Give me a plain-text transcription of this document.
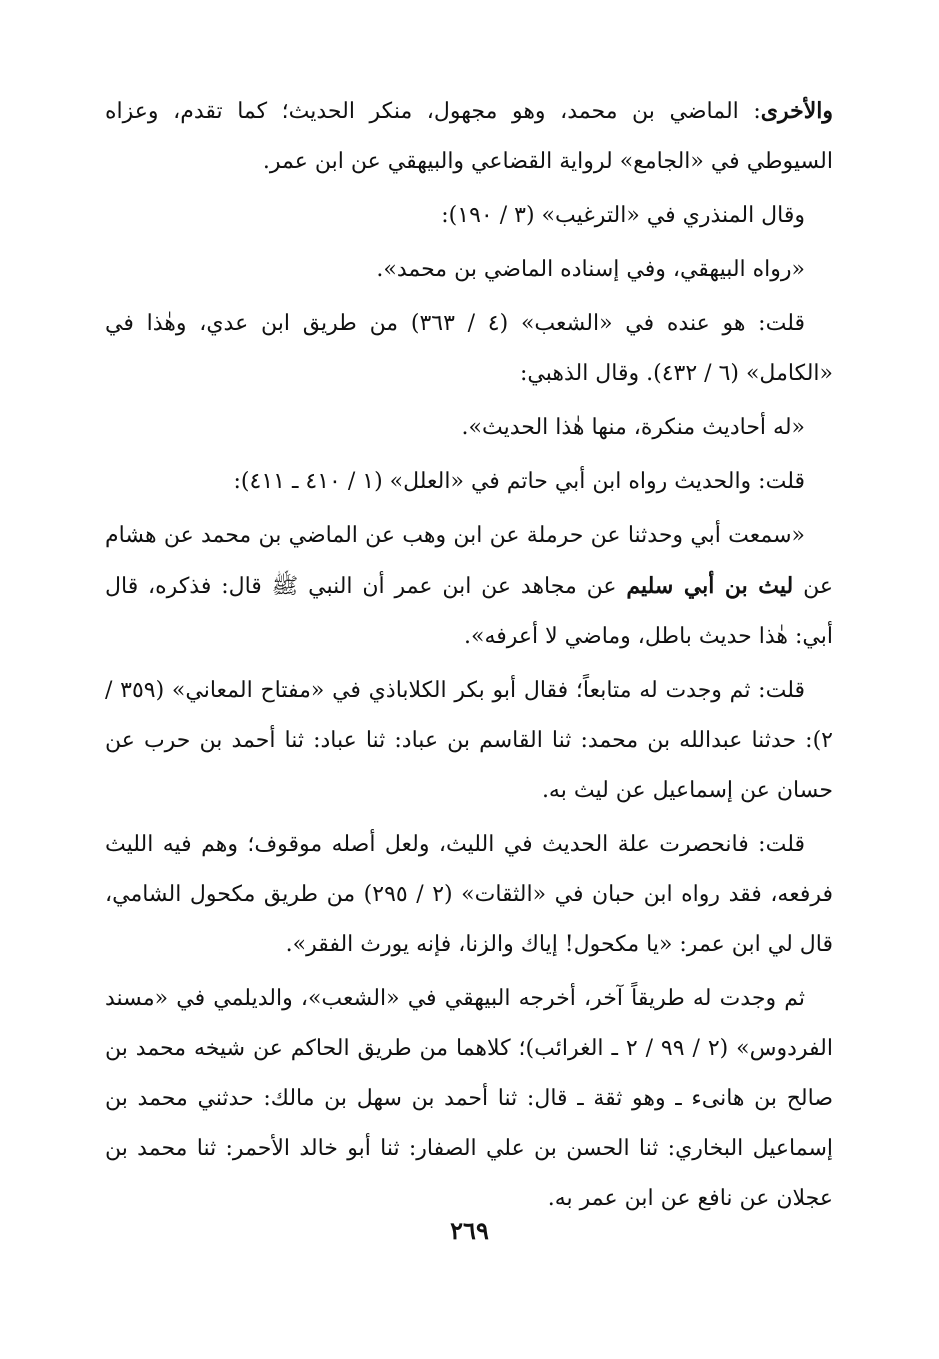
والأخرى: الماضي بن محمد، وهو مجهول، منكر الحديث؛ كما تقدم، وعزاه السيوطي في «الجامع» لرواية القضاعي والبيهقي عن ابن عمر.

وقال المنذري في «الترغيب» (٣ / ١٩٠):

«رواه البيهقي، وفي إسناده الماضي بن محمد».

قلت: هو عنده في «الشعب» (٤ / ٣٦٣) من طريق ابن عدي، وهٰذا في «الكامل» (٦ / ٤٣٢). وقال الذهبي:

«له أحاديث منكرة، منها هٰذا الحديث».

قلت: والحديث رواه ابن أبي حاتم في «العلل» (١ / ٤١٠ ـ ٤١١):

«سمعت أبي وحدثنا عن حرملة عن ابن وهب عن الماضي بن محمد عن هشام عن ليث بن أبي سليم عن مجاهد عن ابن عمر أن النبي ﷺ قال: فذكره، قال أبي: هٰذا حديث باطل، وماضي لا أعرفه».

قلت: ثم وجدت له متابعاً؛ فقال أبو بكر الكلاباذي في «مفتاح المعاني» (٣٥٩ / ٢): حدثنا عبدالله بن محمد: ثنا القاسم بن عباد: ثنا عباد: ثنا أحمد بن حرب عن حسان عن إسماعيل عن ليث به.

قلت: فانحصرت علة الحديث في الليث، ولعل أصله موقوف؛ وهم فيه الليث فرفعه، فقد رواه ابن حبان في «الثقات» (٢ / ٢٩٥) من طريق مكحول الشامي، قال لي ابن عمر: «يا مكحول! إياك والزنا، فإنه يورث الفقر».

ثم وجدت له طريقاً آخر، أخرجه البيهقي في «الشعب»، والديلمي في «مسند الفردوس» (٢ / ٩٩ / ٢ ـ الغرائب)؛ كلاهما من طريق الحاكم عن شيخه محمد بن صالح بن هانىء ـ وهو ثقة ـ قال: ثنا أحمد بن سهل بن مالك: حدثني محمد بن إسماعيل البخاري: ثنا الحسن بن علي الصفار: ثنا أبو خالد الأحمر: ثنا محمد بن عجلان عن نافع عن ابن عمر به.

٢٦٩
